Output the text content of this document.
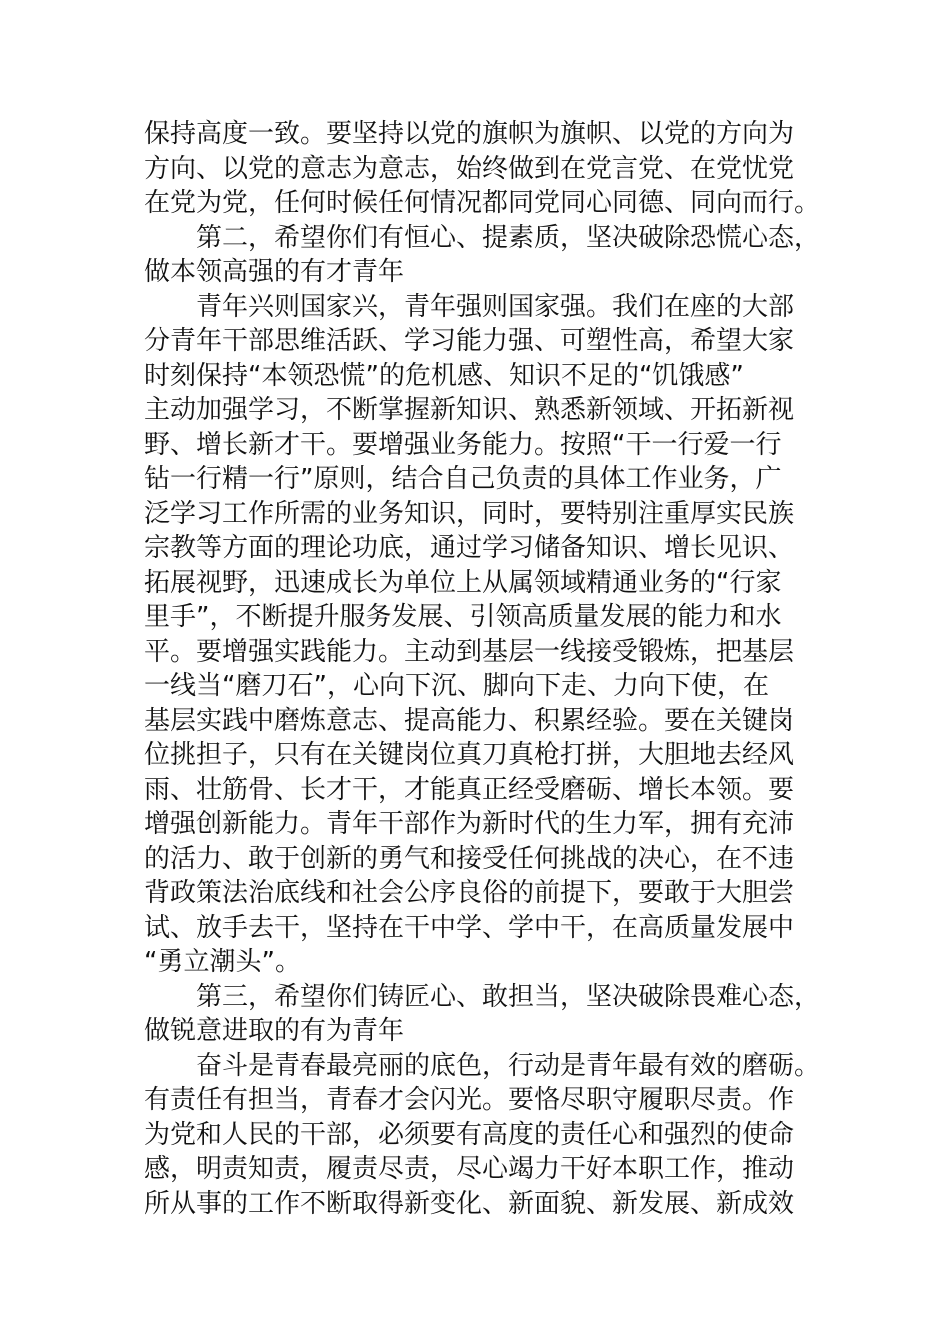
保持高度一致。要坚持以党的旗帜为旗帜、以党的方向为
方向、以党的意志为意志，始终做到在党言党、在党忧党
在党为党，任何时候任何情况都同党同心同德、同向而行。
第二，希望你们有恒心、提素质，坚决破除恐慌心态，
做本领高强的有才青年
青年兴则国家兴，青年强则国家强。我们在座的大部
分青年干部思维活跃、学习能力强、可塑性高，希望大家
时刻保持“本领恐慌”的危机感、知识不足的“饥饿感”
主动加强学习，不断掌握新知识、熟悉新领域、开拓新视
野、增长新才干。要增强业务能力。按照“干一行爱一行
钻一行精一行”原则，结合自己负责的具体工作业务，广
泛学习工作所需的业务知识，同时，要特别注重厚实民族
宗教等方面的理论功底，通过学习储备知识、增长见识、
拓展视野，迅速成长为单位上从属领域精通业务的“行家
里手”，不断提升服务发展、引领高质量发展的能力和水
平。要增强实践能力。主动到基层一线接受锻炼，把基层
一线当“磨刀石”，心向下沉、脚向下走、力向下使，在
基层实践中磨炼意志、提高能力、积累经验。要在关键岗
位挑担子，只有在关键岗位真刀真枪打拼，大胆地去经风
雨、壮筋骨、长才干，才能真正经受磨砺、增长本领。要
增强创新能力。青年干部作为新时代的生力军，拥有充沛
的活力、敢于创新的勇气和接受任何挑战的决心，在不违
背政策法治底线和社会公序良俗的前提下，要敢于大胆尝
试、放手去干，坚持在干中学、学中干，在高质量发展中
“勇立潮头”。
第三，希望你们铸匠心、敢担当，坚决破除畏难心态，
做锐意进取的有为青年
奋斗是青春最亮丽的底色，行动是青年最有效的磨砺。
有责任有担当，青春才会闪光。要恪尽职守履职尽责。作
为党和人民的干部，必须要有高度的责任心和强烈的使命
感，明责知责，履责尽责，尽心竭力干好本职工作，推动
所从事的工作不断取得新变化、新面貌、新发展、新成效
